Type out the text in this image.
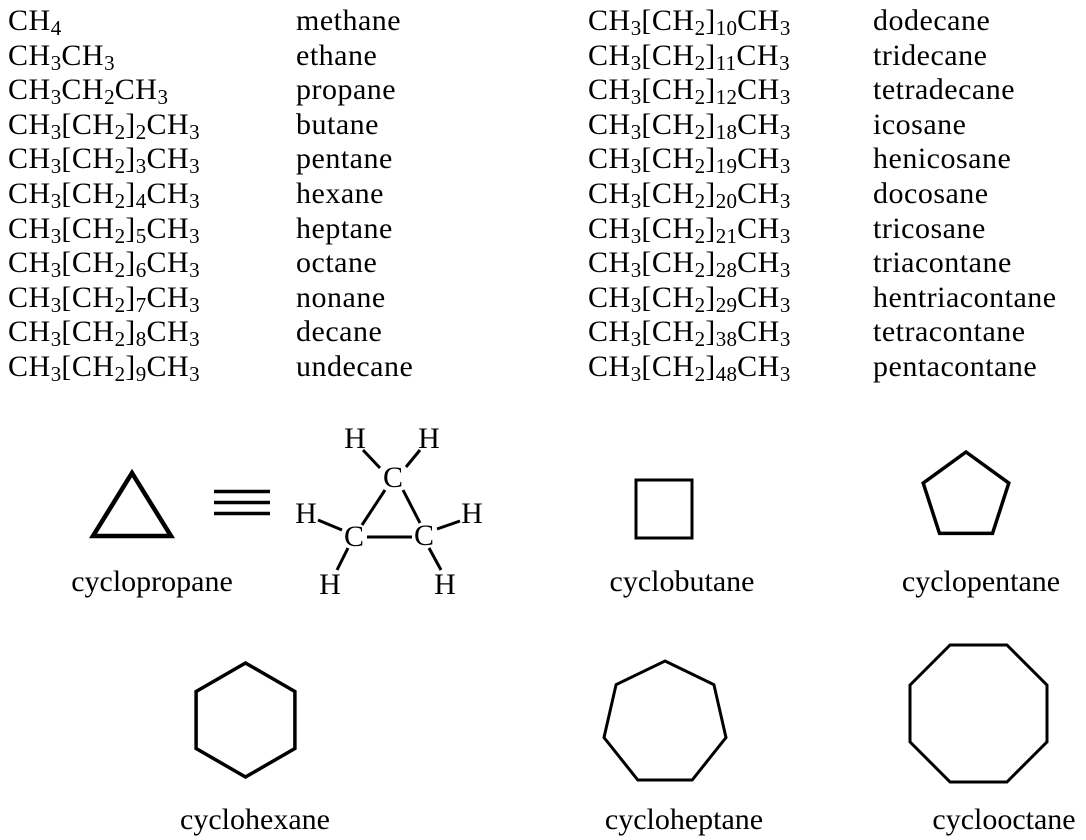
$CH_4$	methane
$CH_3CH_3$	ethane
$CH_3CH_2CH_3$	propane
$CH_3[CH_2]_2CH_3$	butane
$CH_3[CH_2]_3CH_3$	pentane
$CH_3[CH_2]_4CH_3$	hexane
$CH_3[CH_2]_5CH_3$	heptane
$CH_3[CH_2]_6CH_3$	octane
$CH_3[CH_2]_7CH_3$	nonane
$CH_3[CH_2]_8CH_3$	decane
$CH_3[CH_2]_9CH_3$	undecane
$CH_3[CH_2]_{10}CH_3$	dodecane
$CH_3[CH_2]_{11}CH_3$	tridecane
$CH_3[CH_2]_{12}CH_3$	tetradecane
$CH_3[CH_2]_{18}CH_3$	icosane
$CH_3[CH_2]_{19}CH_3$	henicosane
$CH_3[CH_2]_{20}CH_3$	docosane
$CH_3[CH_2]_{21}CH_3$	tricosane
$CH_3[CH_2]_{28}CH_3$	triacontane
$CH_3[CH_2]_{29}CH_3$	hentriacontane
$CH_3[CH_2]_{38}CH_3$	tetracontane
$CH_3[CH_2]_{48}CH_3$	pentacontane
H H
C
H	H
C C
H	H
cyclopropane	cyclobutane	cyclopentane
cyclohexane	cycloheptane	cyclooctane
